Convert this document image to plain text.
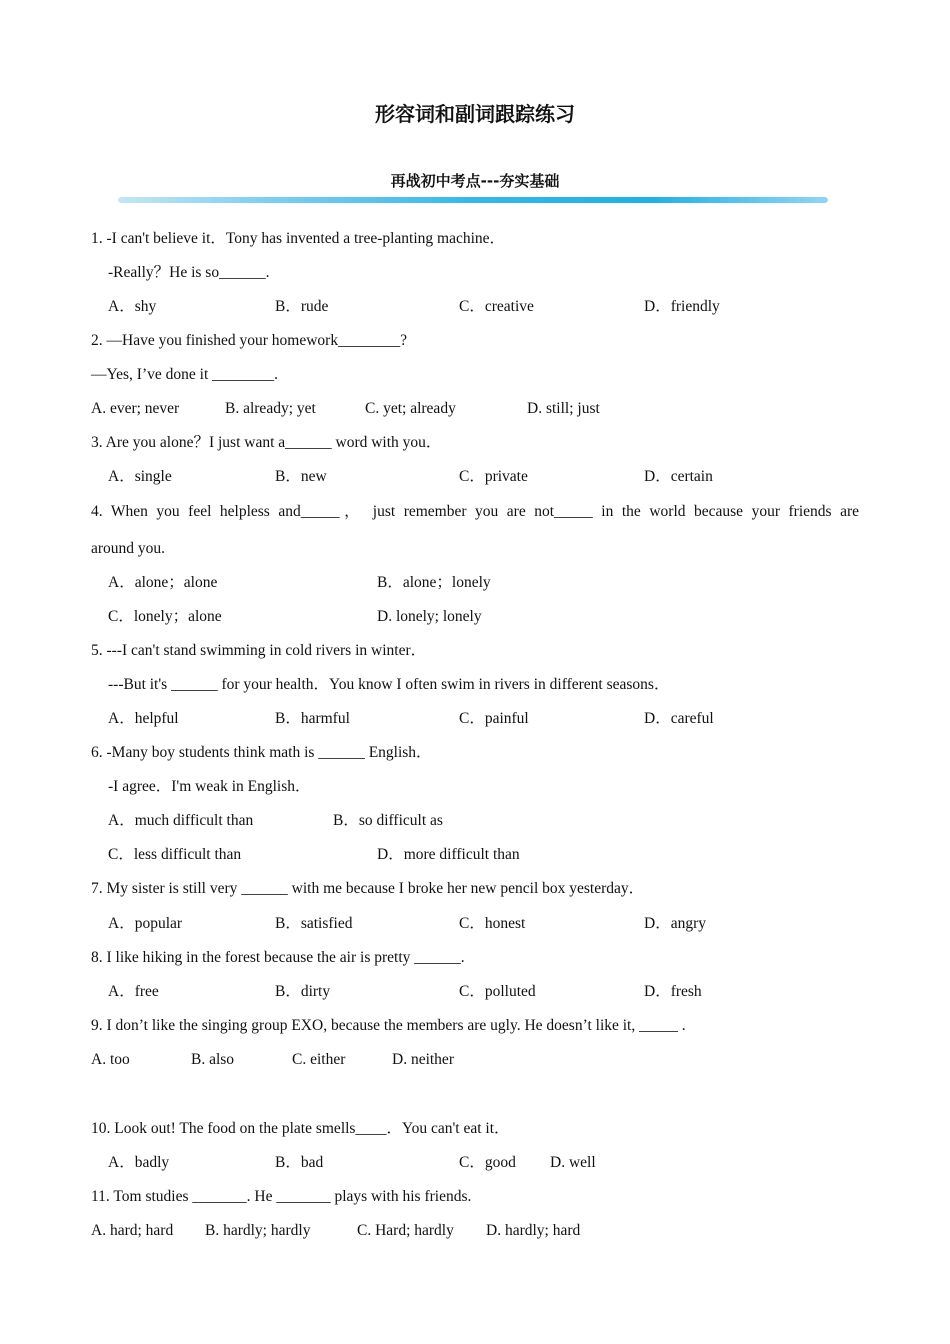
形容词和副词跟踪练习
再战初中考点---夯实基础
1. -I can't believe it．Tony has invented a tree-planting machine．
-Really？He is so______.
A．shy	B．rude	C．creative	D．friendly
2. —Have you finished your homework________?
—Yes, I’ve done it ________.
A. ever; never	B. already; yet	C. yet; already	D. still; just
3. Are you alone？I just want a______ word with you．
A．single	B．new	C．private	D．certain
4. When you feel helpless and_____， just remember you are not_____ in the world because your friends are
around you.
A．alone；alone	B．alone；lonely
C．lonely；alone	D. lonely; lonely
5. ---I can't stand swimming in cold rivers in winter．
---But it's ______ for your health．You know I often swim in rivers in different seasons．
A．helpful	B．harmful	C．painful	D．careful
6. -Many boy students think math is ______ English．
-I agree．I'm weak in English．
A．much difficult than	B．so difficult as
C．less difficult than	D．more difficult than
7. My sister is still very ______ with me because I broke her new pencil box yesterday．
A．popular	B．satisfied	C．honest	D．angry
8. I like hiking in the forest because the air is pretty ______.
A．free	B．dirty	C．polluted	D．fresh
9. I don’t like the singing group EXO, because the members are ugly. He doesn’t like it, _____ .
A. too	B. also	C. either	D. neither
10. Look out! The food on the plate smells____．You can't eat it．
A．badly	B．bad	C．good D. well
11. Tom studies _______. He _______ plays with his friends.
A. hard; hard B. hardly; hardly	C. Hard; hardly D. hardly; hard
